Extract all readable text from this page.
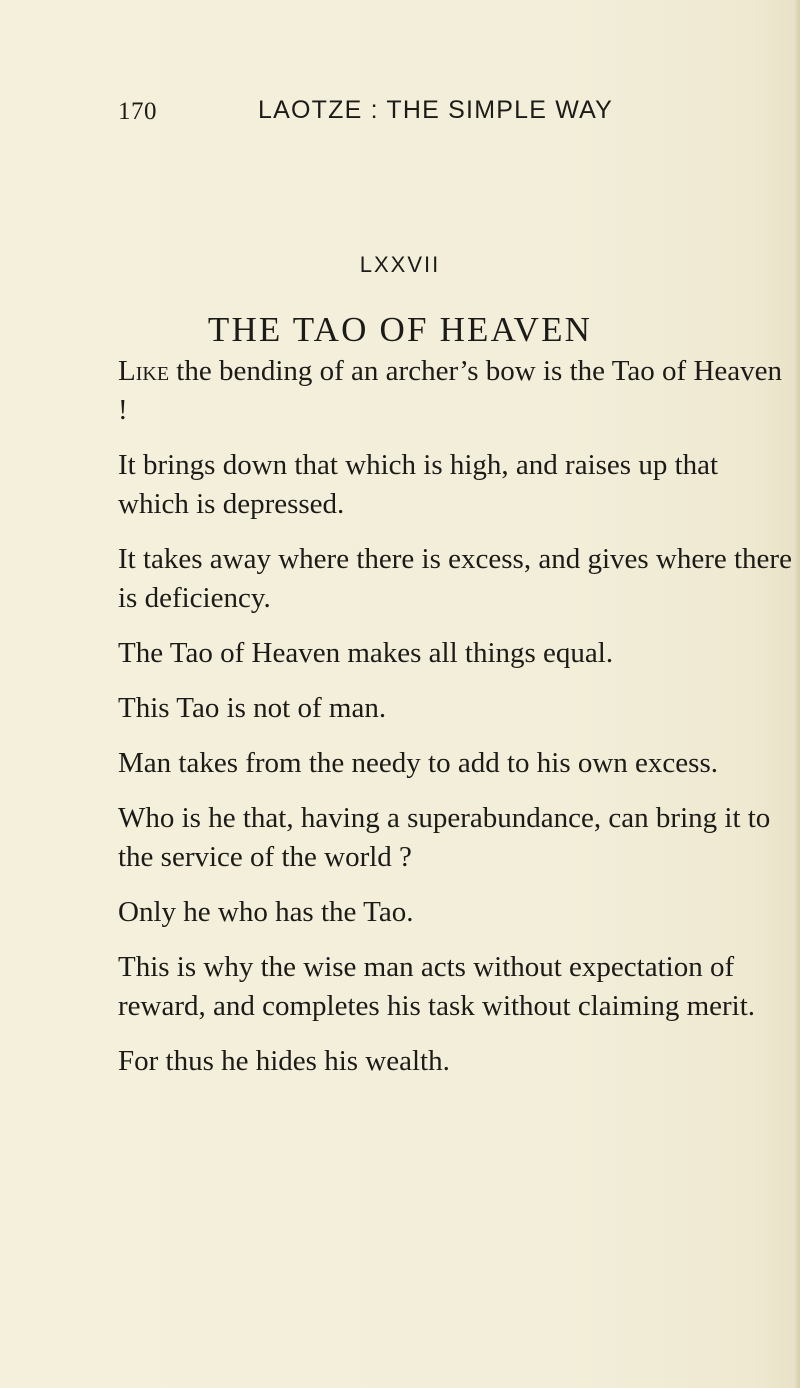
170	LAOTZE : THE SIMPLE WAY
LXXVII
THE TAO OF HEAVEN

Like the bending of an archer’s bow is the Tao of Heaven !

It brings down that which is high, and raises up that which is depressed.

It takes away where there is excess, and gives where there is deficiency.

The Tao of Heaven makes all things equal.

This Tao is not of man.

Man takes from the needy to add to his own excess.

Who is he that, having a superabundance, can bring it to the service of the world ?

Only he who has the Tao.

This is why the wise man acts without expectation of reward, and completes his task without claiming merit.

For thus he hides his wealth.
